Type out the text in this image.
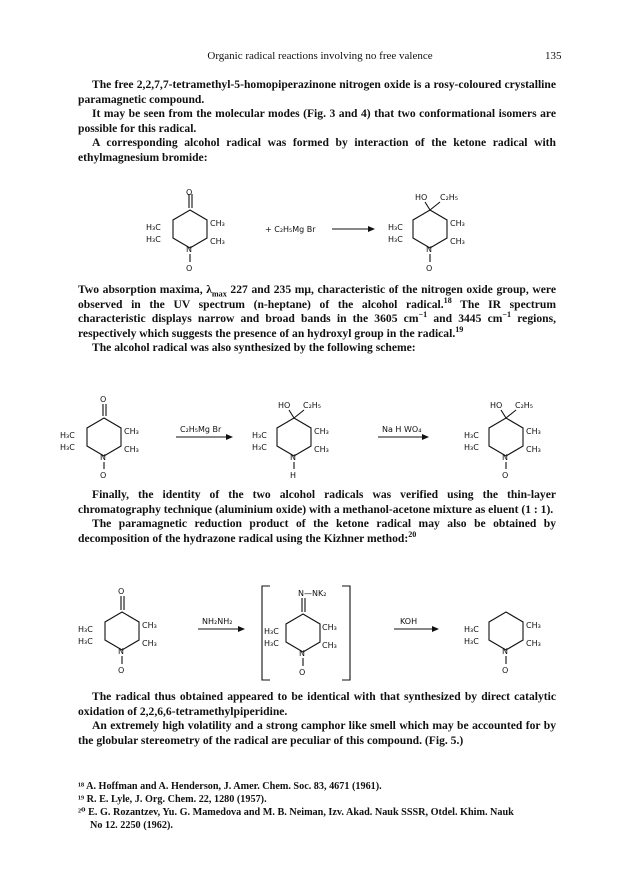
Organic radical reactions involving no free valence	135

The free 2,2,7,7-tetramethyl-5-homopiperazinone nitrogen oxide is a rosy-coloured crystalline paramagnetic compound.

It may be seen from the molecular modes (Fig. 3 and 4) that two conformational isomers are possible for this radical.

A corresponding alcohol radical was formed by interaction of the ketone radical with ethylmagnesium bromide:

O
H₃C
H₃C
CH₃
CH₃
N
O
+ C₂H₅Mg Br
HO C₂H₅
H₃C
H₃C
CH₃
CH₃
N
O

Two absorption maxima, $\lambda_{max}$ 227 and 235 mμ, characteristic of the nitrogen oxide group, were observed in the UV spectrum (n-heptane) of the alcohol radical.$^{18}$ The IR spectrum characteristic displays narrow and broad bands in the 3605 $cm^{-1}$ and 3445 $cm^{-1}$ regions, respectively which suggests the presence of an hydroxyl group in the radical.$^{19}$

The alcohol radical was also synthesized by the following scheme:

O
H₃C
H₃C
CH₃
CH₃
N
O
C₂H₅Mg Br
HO C₂H₅
H₃C
H₃C
CH₃
CH₃
N
H
Na H WO₄
HO C₂H₅
H₃C
H₃C
CH₃
CH₃
N
O

Finally, the identity of the two alcohol radicals was verified using the thin-layer chromatography technique (aluminium oxide) with a methanol-acetone mixture as eluent (1 : 1).

The paramagnetic reduction product of the ketone radical may also be obtained by decomposition of the hydrazone radical using the Kizhner method:$^{20}$

O
H₃C
H₃C
CH₃
CH₃
N
O
NH₂NH₂
N—NK₂
H₃C
H₃C
CH₃
CH₃
N
O
KOH
H₃C
H₃C
CH₃
CH₃
N
O

The radical thus obtained appeared to be identical with that synthesized by direct catalytic oxidation of 2,2,6,6-tetramethylpiperidine.

An extremely high volatility and a strong camphor like smell which may be accounted for by the globular stereometry of the radical are peculiar of this compound. (Fig. 5.)

¹⁸ A. Hoffman and A. Henderson, J. Amer. Chem. Soc. 83, 4671 (1961).

¹⁹ R. E. Lyle, J. Org. Chem. 22, 1280 (1957).

²⁰ E. G. Rozantzev, Yu. G. Mamedova and M. B. Neiman, Izv. Akad. Nauk SSSR, Otdel. Khim. Nauk

No 12. 2250 (1962).
